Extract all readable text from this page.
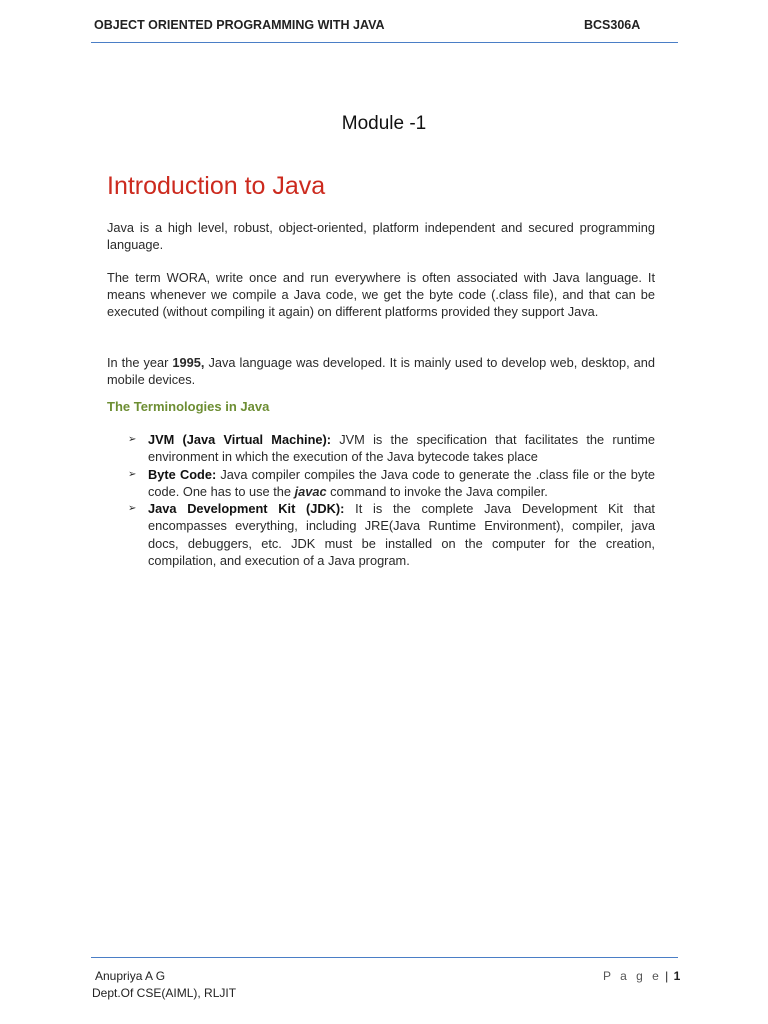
OBJECT ORIENTED PROGRAMMING WITH JAVA	BCS306A
Module -1
Introduction to Java

Java is a high level, robust, object-oriented, platform independent and secured programming language.

The term WORA, write once and run everywhere is often associated with Java language. It means whenever we compile a Java code, we get the byte code (.class file), and that can be executed (without compiling it again) on different platforms provided they support Java.

In the year 1995, Java language was developed. It is mainly used to develop web, desktop, and mobile devices.

The Terminologies in Java
➢ JVM (Java Virtual Machine): JVM is the specification that facilitates the runtime environment in which the execution of the Java bytecode takes place
➢ Byte Code: Java compiler compiles the Java code to generate the .class file or the byte code. One has to use the javac command to invoke the Java compiler.
➢ Java Development Kit (JDK): It is the complete Java Development Kit that encompasses everything, including JRE(Java Runtime Environment), compiler, java docs, debuggers, etc. JDK must be installed on the computer for the creation, compilation, and execution of a Java program.
Anupriya A G
Dept.Of CSE(AIML), RLJIT
P a g e | 1
